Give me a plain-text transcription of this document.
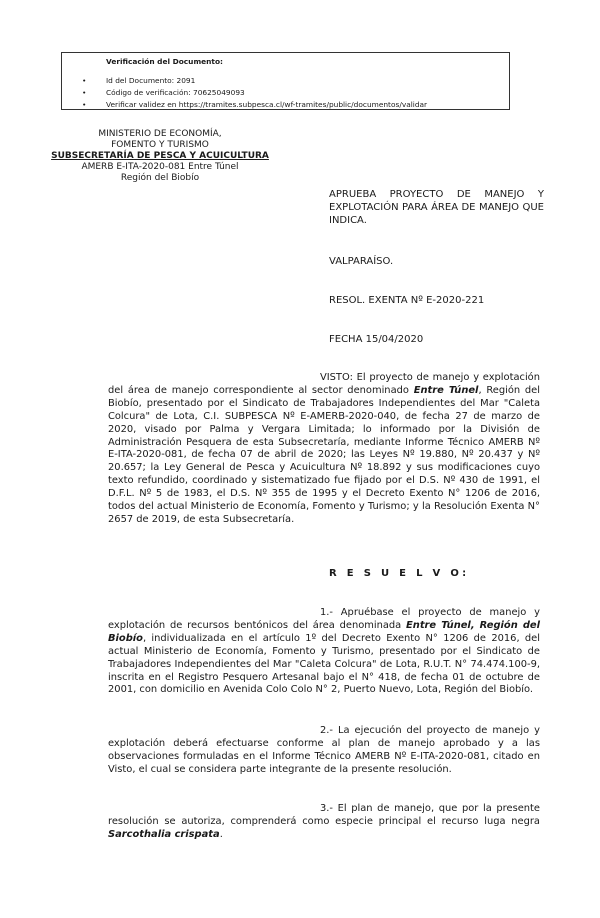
Verificación del Documento:
•	Id del Documento: 2091
•	Código de verificación: 70625049093
•	Verificar validez en https://tramites.subpesca.cl/wf-tramites/public/documentos/validar
MINISTERIO DE ECONOMÍA,
FOMENTO Y TURISMO
SUBSECRETARÍA DE PESCA Y ACUICULTURA
AMERB E-ITA-2020-081 Entre Túnel
Región del Biobío
APRUEBA PROYECTO DE MANEJO Y EXPLOTACIÓN PARA ÁREA DE MANEJO QUE INDICA.
VALPARAÍSO.
RESOL. EXENTA Nº E-2020-221
FECHA 15/04/2020
VISTO: El proyecto de manejo y explotación del área de manejo correspondiente al sector denominado Entre Túnel, Región del Biobío, presentado por el Sindicato de Trabajadores Independientes del Mar "Caleta Colcura" de Lota, C.I. SUBPESCA Nº E-AMERB-2020-040, de fecha 27 de marzo de 2020, visado por Palma y Vergara Limitada; lo informado por la División de Administración Pesquera de esta Subsecretaría, mediante Informe Técnico AMERB Nº E-ITA-2020-081, de fecha 07 de abril de 2020; las Leyes Nº 19.880, Nº 20.437 y Nº 20.657; la Ley General de Pesca y Acuicultura Nº 18.892 y sus modificaciones cuyo texto refundido, coordinado y sistematizado fue fijado por el D.S. Nº 430 de 1991, el D.F.L. Nº 5 de 1983, el D.S. Nº 355 de 1995 y el Decreto Exento N° 1206 de 2016, todos del actual Ministerio de Economía, Fomento y Turismo; y la Resolución Exenta N° 2657 de 2019, de esta Subsecretaría.
R E S U E L V O:
1.- Apruébase el proyecto de manejo y explotación de recursos bentónicos del área denominada Entre Túnel, Región del Biobío, individualizada en el artículo 1º del Decreto Exento N° 1206 de 2016, del actual Ministerio de Economía, Fomento y Turismo, presentado por el Sindicato de Trabajadores Independientes del Mar "Caleta Colcura" de Lota, R.U.T. N° 74.474.100-9, inscrita en el Registro Pesquero Artesanal bajo el N° 418, de fecha 01 de octubre de 2001, con domicilio en Avenida Colo Colo N° 2, Puerto Nuevo, Lota, Región del Biobío.
2.- La ejecución del proyecto de manejo y explotación deberá efectuarse conforme al plan de manejo aprobado y a las observaciones formuladas en el Informe Técnico AMERB Nº E-ITA-2020-081, citado en Visto, el cual se considera parte integrante de la presente resolución.
3.- El plan de manejo, que por la presente resolución se autoriza, comprenderá como especie principal el recurso luga negra Sarcothalia crispata.
